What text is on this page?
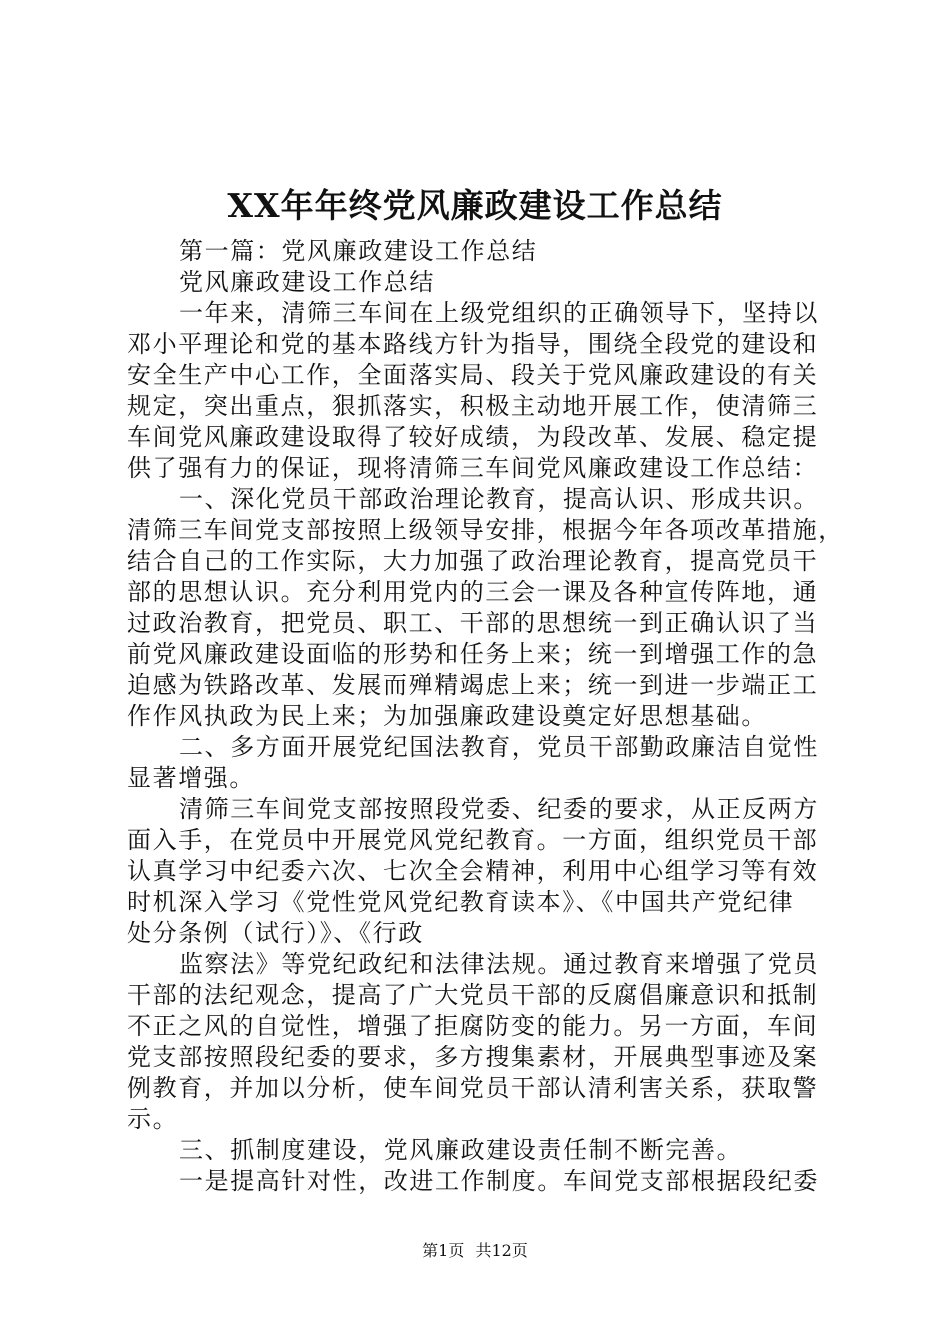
XX年年终党风廉政建设工作总结

第一篇：党风廉政建设工作总结

党风廉政建设工作总结

一年来，清筛三车间在上级党组织的正确领导下，坚持以

邓小平理论和党的基本路线方针为指导，围绕全段党的建设和

安全生产中心工作，全面落实局、段关于党风廉政建设的有关

规定，突出重点，狠抓落实，积极主动地开展工作，使清筛三

车间党风廉政建设取得了较好成绩，为段改革、发展、稳定提

供了强有力的保证，现将清筛三车间党风廉政建设工作总结：

一、深化党员干部政治理论教育，提高认识、形成共识。

清筛三车间党支部按照上级领导安排，根据今年各项改革措施，

结合自己的工作实际，大力加强了政治理论教育，提高党员干

部的思想认识。充分利用党内的三会一课及各种宣传阵地，通

过政治教育，把党员、职工、干部的思想统一到正确认识了当

前党风廉政建设面临的形势和任务上来；统一到增强工作的急

迫感为铁路改革、发展而殚精竭虑上来；统一到进一步端正工

作作风执政为民上来；为加强廉政建设奠定好思想基础。

二、多方面开展党纪国法教育，党员干部勤政廉洁自觉性

显著增强。

清筛三车间党支部按照段党委、纪委的要求，从正反两方

面入手，在党员中开展党风党纪教育。一方面，组织党员干部

认真学习中纪委六次、七次全会精神，利用中心组学习等有效

时机深入学习《党性党风党纪教育读本》、《中国共产党纪律

处分条例（试行）》、《行政

监察法》等党纪政纪和法律法规。通过教育来增强了党员

干部的法纪观念，提高了广大党员干部的反腐倡廉意识和抵制

不正之风的自觉性，增强了拒腐防变的能力。另一方面，车间

党支部按照段纪委的要求，多方搜集素材，开展典型事迹及案

例教育，并加以分析，使车间党员干部认清利害关系，获取警

示。

三、抓制度建设，党风廉政建设责任制不断完善。

一是提高针对性，改进工作制度。车间党支部根据段纪委

第1页 共12页
